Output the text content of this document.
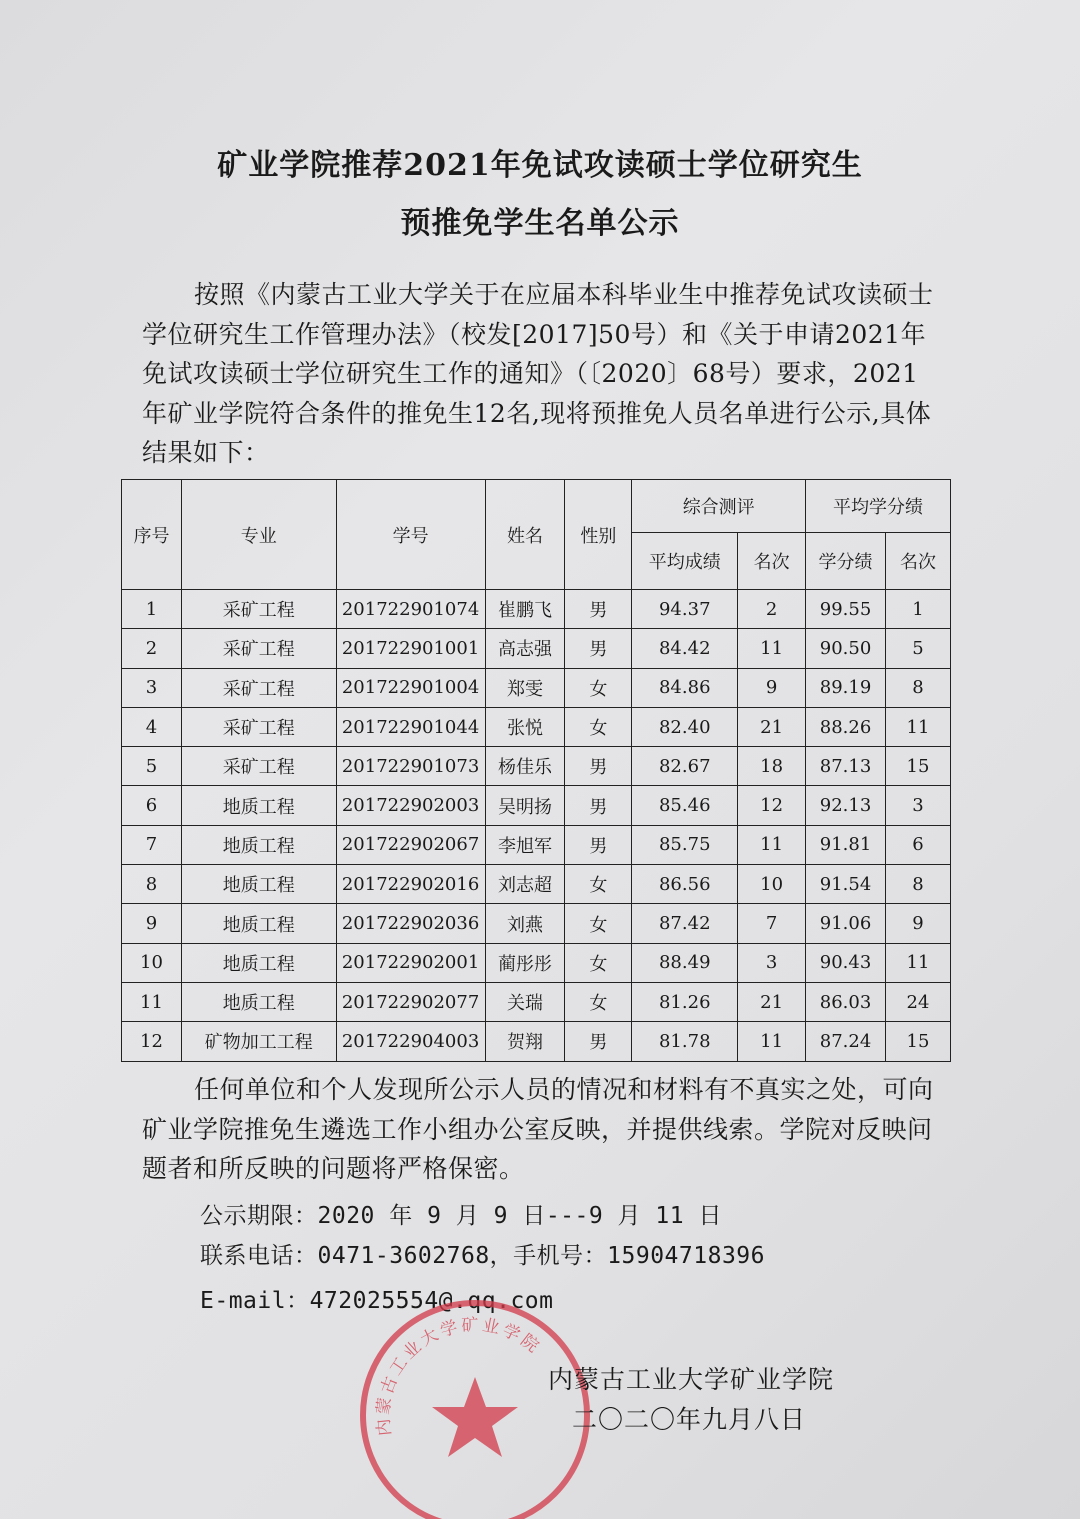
矿业学院推荐2021年免试攻读硕士学位研究生
预推免学生名单公示
按照《内蒙古工业大学关于在应届本科毕业生中推荐免试攻读硕士学位研究生工作管理办法》（校发[2017]50号）和《关于申请2021年免试攻读硕士学位研究生工作的通知》（〔2020〕68号）要求，2021年矿业学院符合条件的推免生12名,现将预推免人员名单进行公示,具体结果如下：
序号	专业	学号	姓名	性别	综合测评		平均学分绩	
					平均成绩	名次	学分绩	名次
1	采矿工程	201722901074	崔鹏飞	男	94.37	2	99.55	1
2	采矿工程	201722901001	高志强	男	84.42	11	90.50	5
3	采矿工程	201722901004	郑雯	女	84.86	9	89.19	8
4	采矿工程	201722901044	张悦	女	82.40	21	88.26	11
5	采矿工程	201722901073	杨佳乐	男	82.67	18	87.13	15
6	地质工程	201722902003	吴明扬	男	85.46	12	92.13	3
7	地质工程	201722902067	李旭军	男	85.75	11	91.81	6
8	地质工程	201722902016	刘志超	女	86.56	10	91.54	8
9	地质工程	201722902036	刘燕	女	87.42	7	91.06	9
10	地质工程	201722902001	蔺彤彤	女	88.49	3	90.43	11
11	地质工程	201722902077	关瑞	女	81.26	21	86.03	24
12	矿物加工工程	201722904003	贺翔	男	81.78	11	87.24	15
任何单位和个人发现所公示人员的情况和材料有不真实之处，可向矿业学院推免生遴选工作小组办公室反映，并提供线索。学院对反映问题者和所反映的问题将严格保密。
公示期限：2020 年 9 月 9 日---9 月 11 日
联系电话：0471-3602768，手机号：15904718396
E-mail：472025554@.qq.com
内蒙古工业大学矿业学院
内蒙古工业大学矿业学院
二〇二〇年九月八日
